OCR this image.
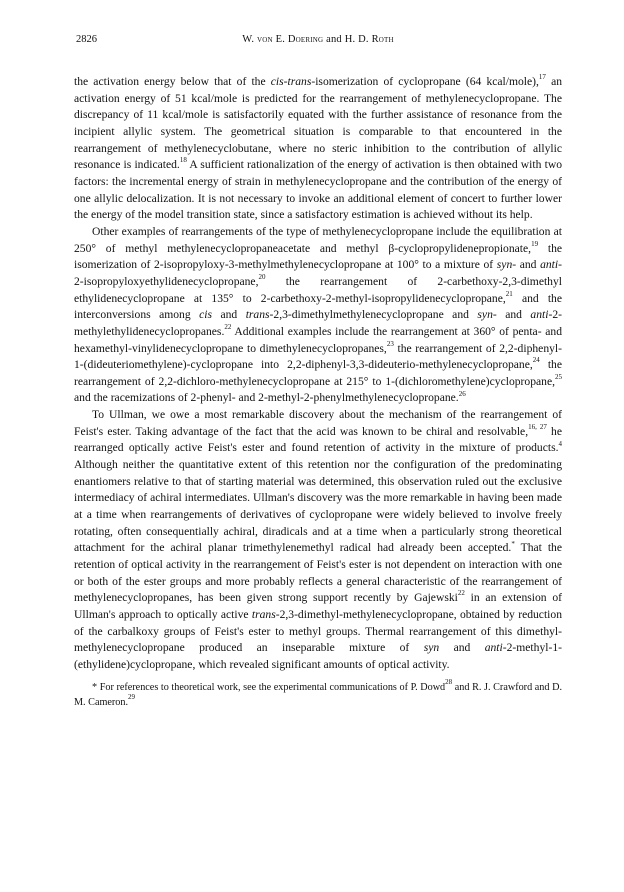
2826	W. von E. Doering and H. D. Roth

the activation energy below that of the cis-trans-isomerization of cyclopropane (64 kcal/mole),$^{17}$ an activation energy of 51 kcal/mole is predicted for the rearrangement of methylenecyclopropane. The discrepancy of 11 kcal/mole is satisfactorily equated with the further assistance of resonance from the incipient allylic system. The geometrical situation is comparable to that encountered in the rearrangement of methylenecyclobutane, where no steric inhibition to the contribution of allylic resonance is indicated.$^{18}$ A sufficient rationalization of the energy of activation is then obtained with two factors: the incremental energy of strain in methylenecyclopropane and the contribution of the energy of one allylic delocalization. It is not necessary to invoke an additional element of concert to further lower the energy of the model transition state, since a satisfactory estimation is achieved without its help.

Other examples of rearrangements of the type of methylenecyclopropane include the equilibration at 250° of methyl methylenecyclopropaneacetate and methyl β-cyclopropylidenepropionate,$^{19}$ the isomerization of 2-isopropyloxy-3-methylmethylenecyclopropane at 100° to a mixture of syn- and anti-2-isopropyloxyethylidenecyclopropane,$^{20}$ the rearrangement of 2-carbethoxy-2,3-dimethyl ethylidenecyclopropane at 135° to 2-carbethoxy-2-methyl-isopropylidenecyclopropane,$^{21}$ and the interconversions among cis and trans-2,3-dimethylmethylenecyclopropane and syn- and anti-2-methylethylidenecyclopropanes.$^{22}$ Additional examples include the rearrangement at 360° of penta- and hexamethyl-vinylidenecyclopropane to dimethylenecyclopropanes,$^{23}$ the rearrangement of 2,2-diphenyl-1-(dideuteriomethylene)-cyclopropane into 2,2-diphenyl-3,3-dideuterio-methylenecyclopropane,$^{24}$ the rearrangement of 2,2-dichloro-methylenecyclopropane at 215° to 1-(dichloromethylene)cyclopropane,$^{25}$ and the racemizations of 2-phenyl- and 2-methyl-2-phenylmethylenecyclopropane.$^{26}$

To Ullman, we owe a most remarkable discovery about the mechanism of the rearrangement of Feist's ester. Taking advantage of the fact that the acid was known to be chiral and resolvable,$^{16, 27}$ he rearranged optically active Feist's ester and found retention of activity in the mixture of products.$^4$ Although neither the quantitative extent of this retention nor the configuration of the predominating enantiomers relative to that of starting material was determined, this observation ruled out the exclusive intermediacy of achiral intermediates. Ullman's discovery was the more remarkable in having been made at a time when rearrangements of derivatives of cyclopropane were widely believed to involve freely rotating, often consequentially achiral, diradicals and at a time when a particularly strong theoretical attachment for the achiral planar trimethylenemethyl radical had already been accepted.* That the retention of optical activity in the rearrangement of Feist's ester is not dependent on interaction with one or both of the ester groups and more probably reflects a general characteristic of the rearrangement of methylenecyclopropanes, has been given strong support recently by Gajewski$^{22}$ in an extension of Ullman's approach to optically active trans-2,3-dimethyl-methylenecyclopropane, obtained by reduction of the carbalkoxy groups of Feist's ester to methyl groups. Thermal rearrangement of this dimethyl-methylenecyclopropane produced an inseparable mixture of syn and anti-2-methyl-1-(ethylidene)cyclopropane, which revealed significant amounts of optical activity.

* For references to theoretical work, see the experimental communications of P. Dowd$^{28}$ and R. J. Crawford and D. M. Cameron.$^{29}$
